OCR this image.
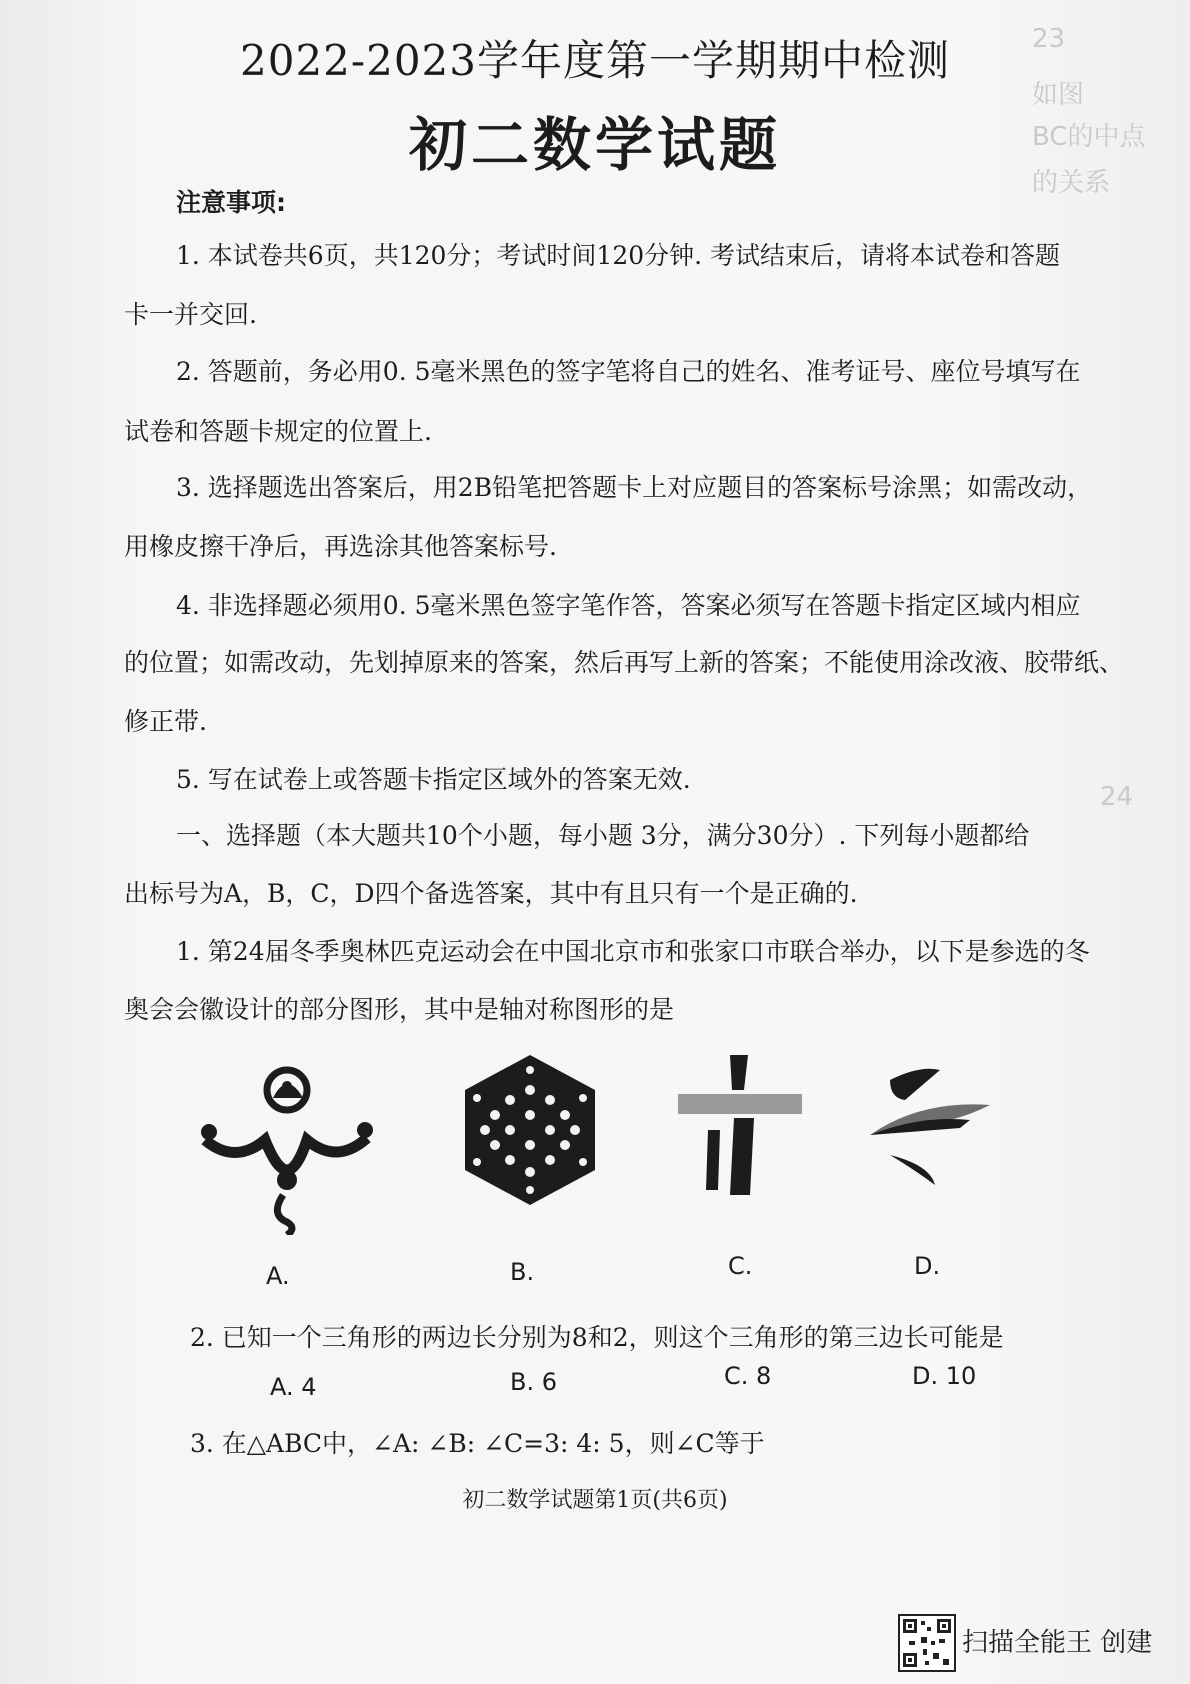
23
如图
BC的中点
的关系
24
2022-2023学年度第一学期期中检测
初二数学试题
注意事项:
1. 本试卷共6页，共120分；考试时间120分钟. 考试结束后，请将本试卷和答题
卡一并交回.
2. 答题前，务必用0. 5毫米黑色的签字笔将自己的姓名、准考证号、座位号填写在
试卷和答题卡规定的位置上.
3. 选择题选出答案后，用2B铅笔把答题卡上对应题目的答案标号涂黑；如需改动，
用橡皮擦干净后，再选涂其他答案标号.
4. 非选择题必须用0. 5毫米黑色签字笔作答，答案必须写在答题卡指定区域内相应
的位置；如需改动，先划掉原来的答案，然后再写上新的答案；不能使用涂改液、胶带纸、
修正带.
5. 写在试卷上或答题卡指定区域外的答案无效.
一、选择题（本大题共10个小题，每小题 3分，满分30分）. 下列每小题都给
出标号为A，B，C，D四个备选答案，其中有且只有一个是正确的.
1. 第24届冬季奥林匹克运动会在中国北京市和张家口市联合举办，以下是参选的冬
奥会会徽设计的部分图形，其中是轴对称图形的是
A.	B.	C.	D.
2. 已知一个三角形的两边长分别为8和2，则这个三角形的第三边长可能是
A. 4	B. 6	C. 8	D. 10
3. 在△ABC中，∠A: ∠B: ∠C=3: 4: 5，则∠C等于
初二数学试题第1页(共6页)
扫描全能王 创建
